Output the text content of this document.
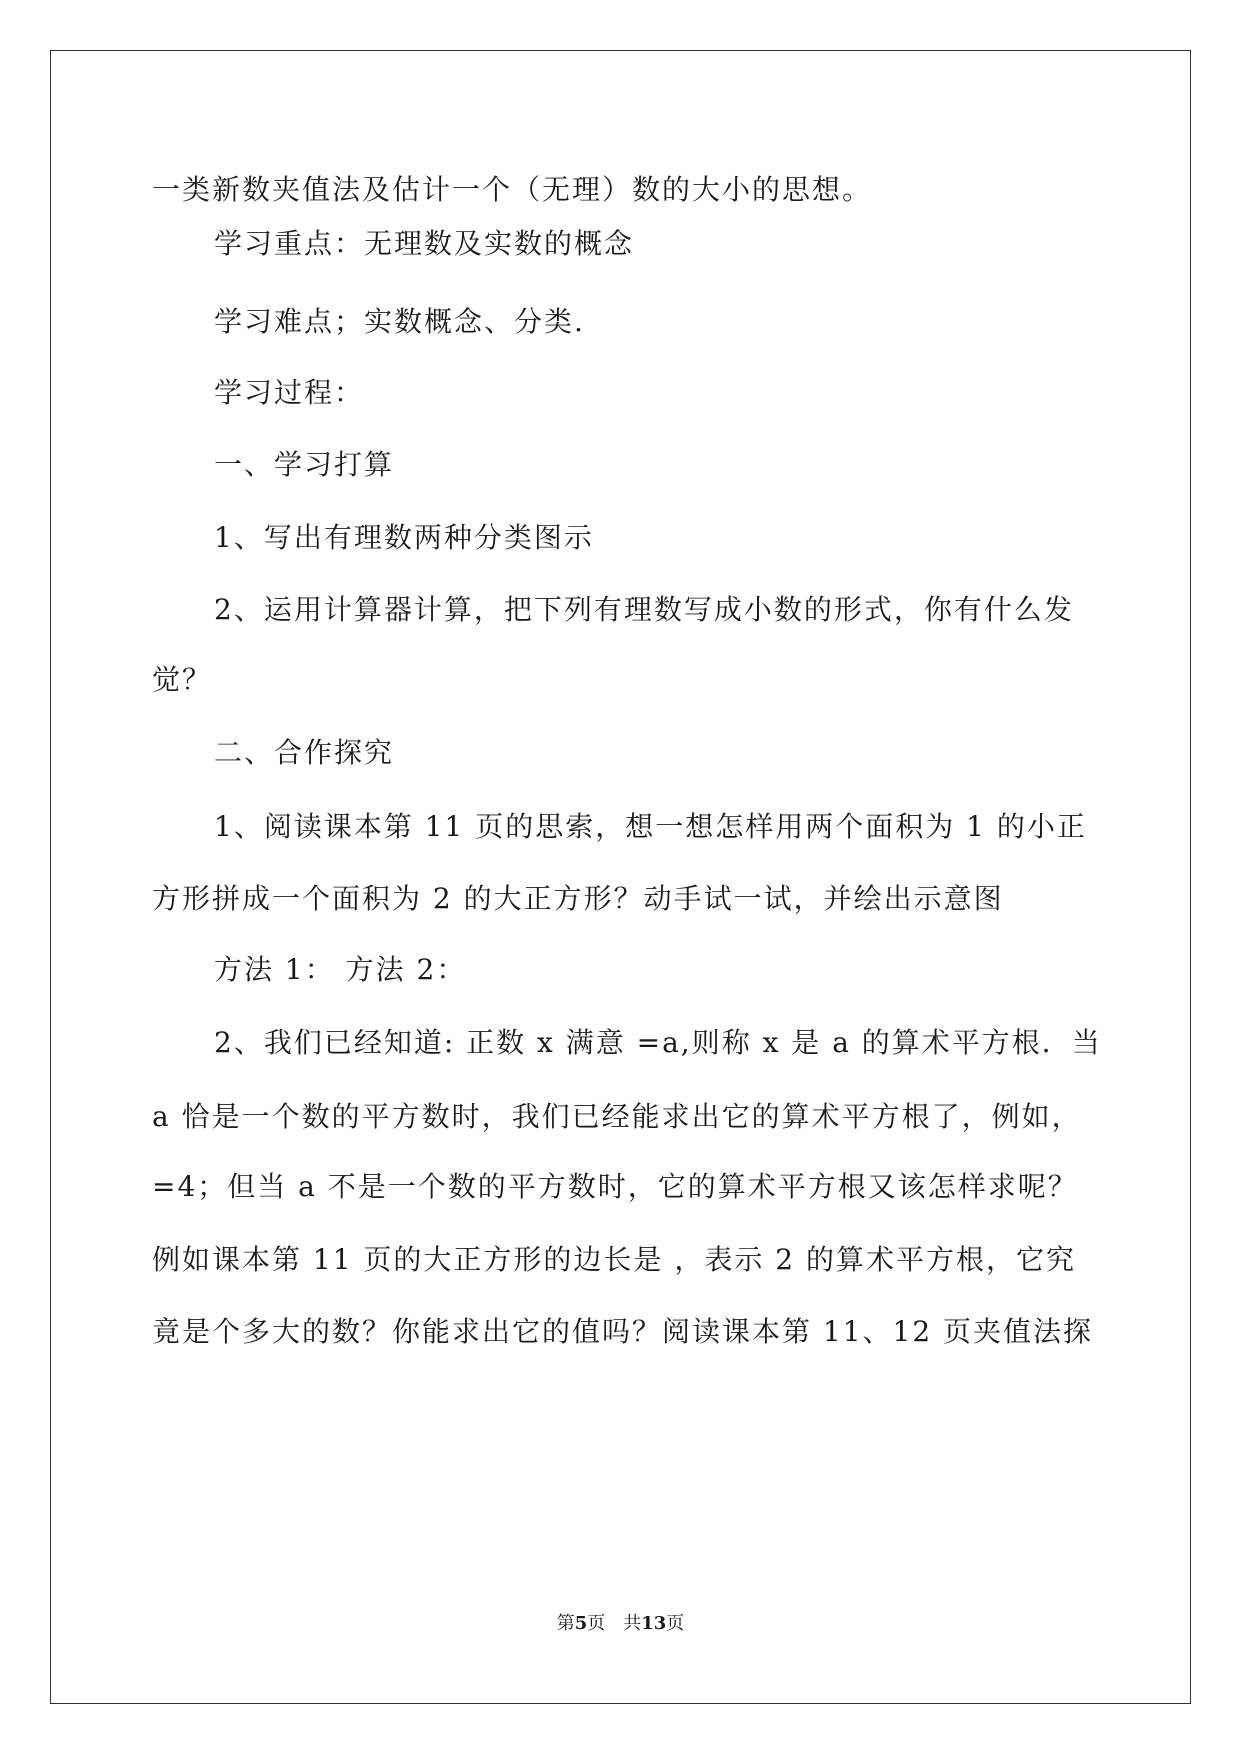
一类新数夹值法及估计一个（无理）数的大小的思想。
学习重点：无理数及实数的概念
学习难点；实数概念、分类.
学习过程：
一、学习打算
1、写出有理数两种分类图示
2、运用计算器计算，把下列有理数写成小数的形式，你有什么发
觉？
二、合作探究
1、阅读课本第 11 页的思索，想一想怎样用两个面积为 1 的小正
方形拼成一个面积为 2 的大正方形？动手试一试，并绘出示意图
方法 1： 方法 2：
2、我们已经知道: 正数 x 满意 =a,则称 x 是 a 的算术平方根．当
a 恰是一个数的平方数时，我们已经能求出它的算术平方根了，例如，
=4；但当 a 不是一个数的平方数时，它的算术平方根又该怎样求呢？
例如课本第 11 页的大正方形的边长是 ，表示 2 的算术平方根，它究
竟是个多大的数？你能求出它的值吗？阅读课本第 11、12 页夹值法探
第5页 共13页
